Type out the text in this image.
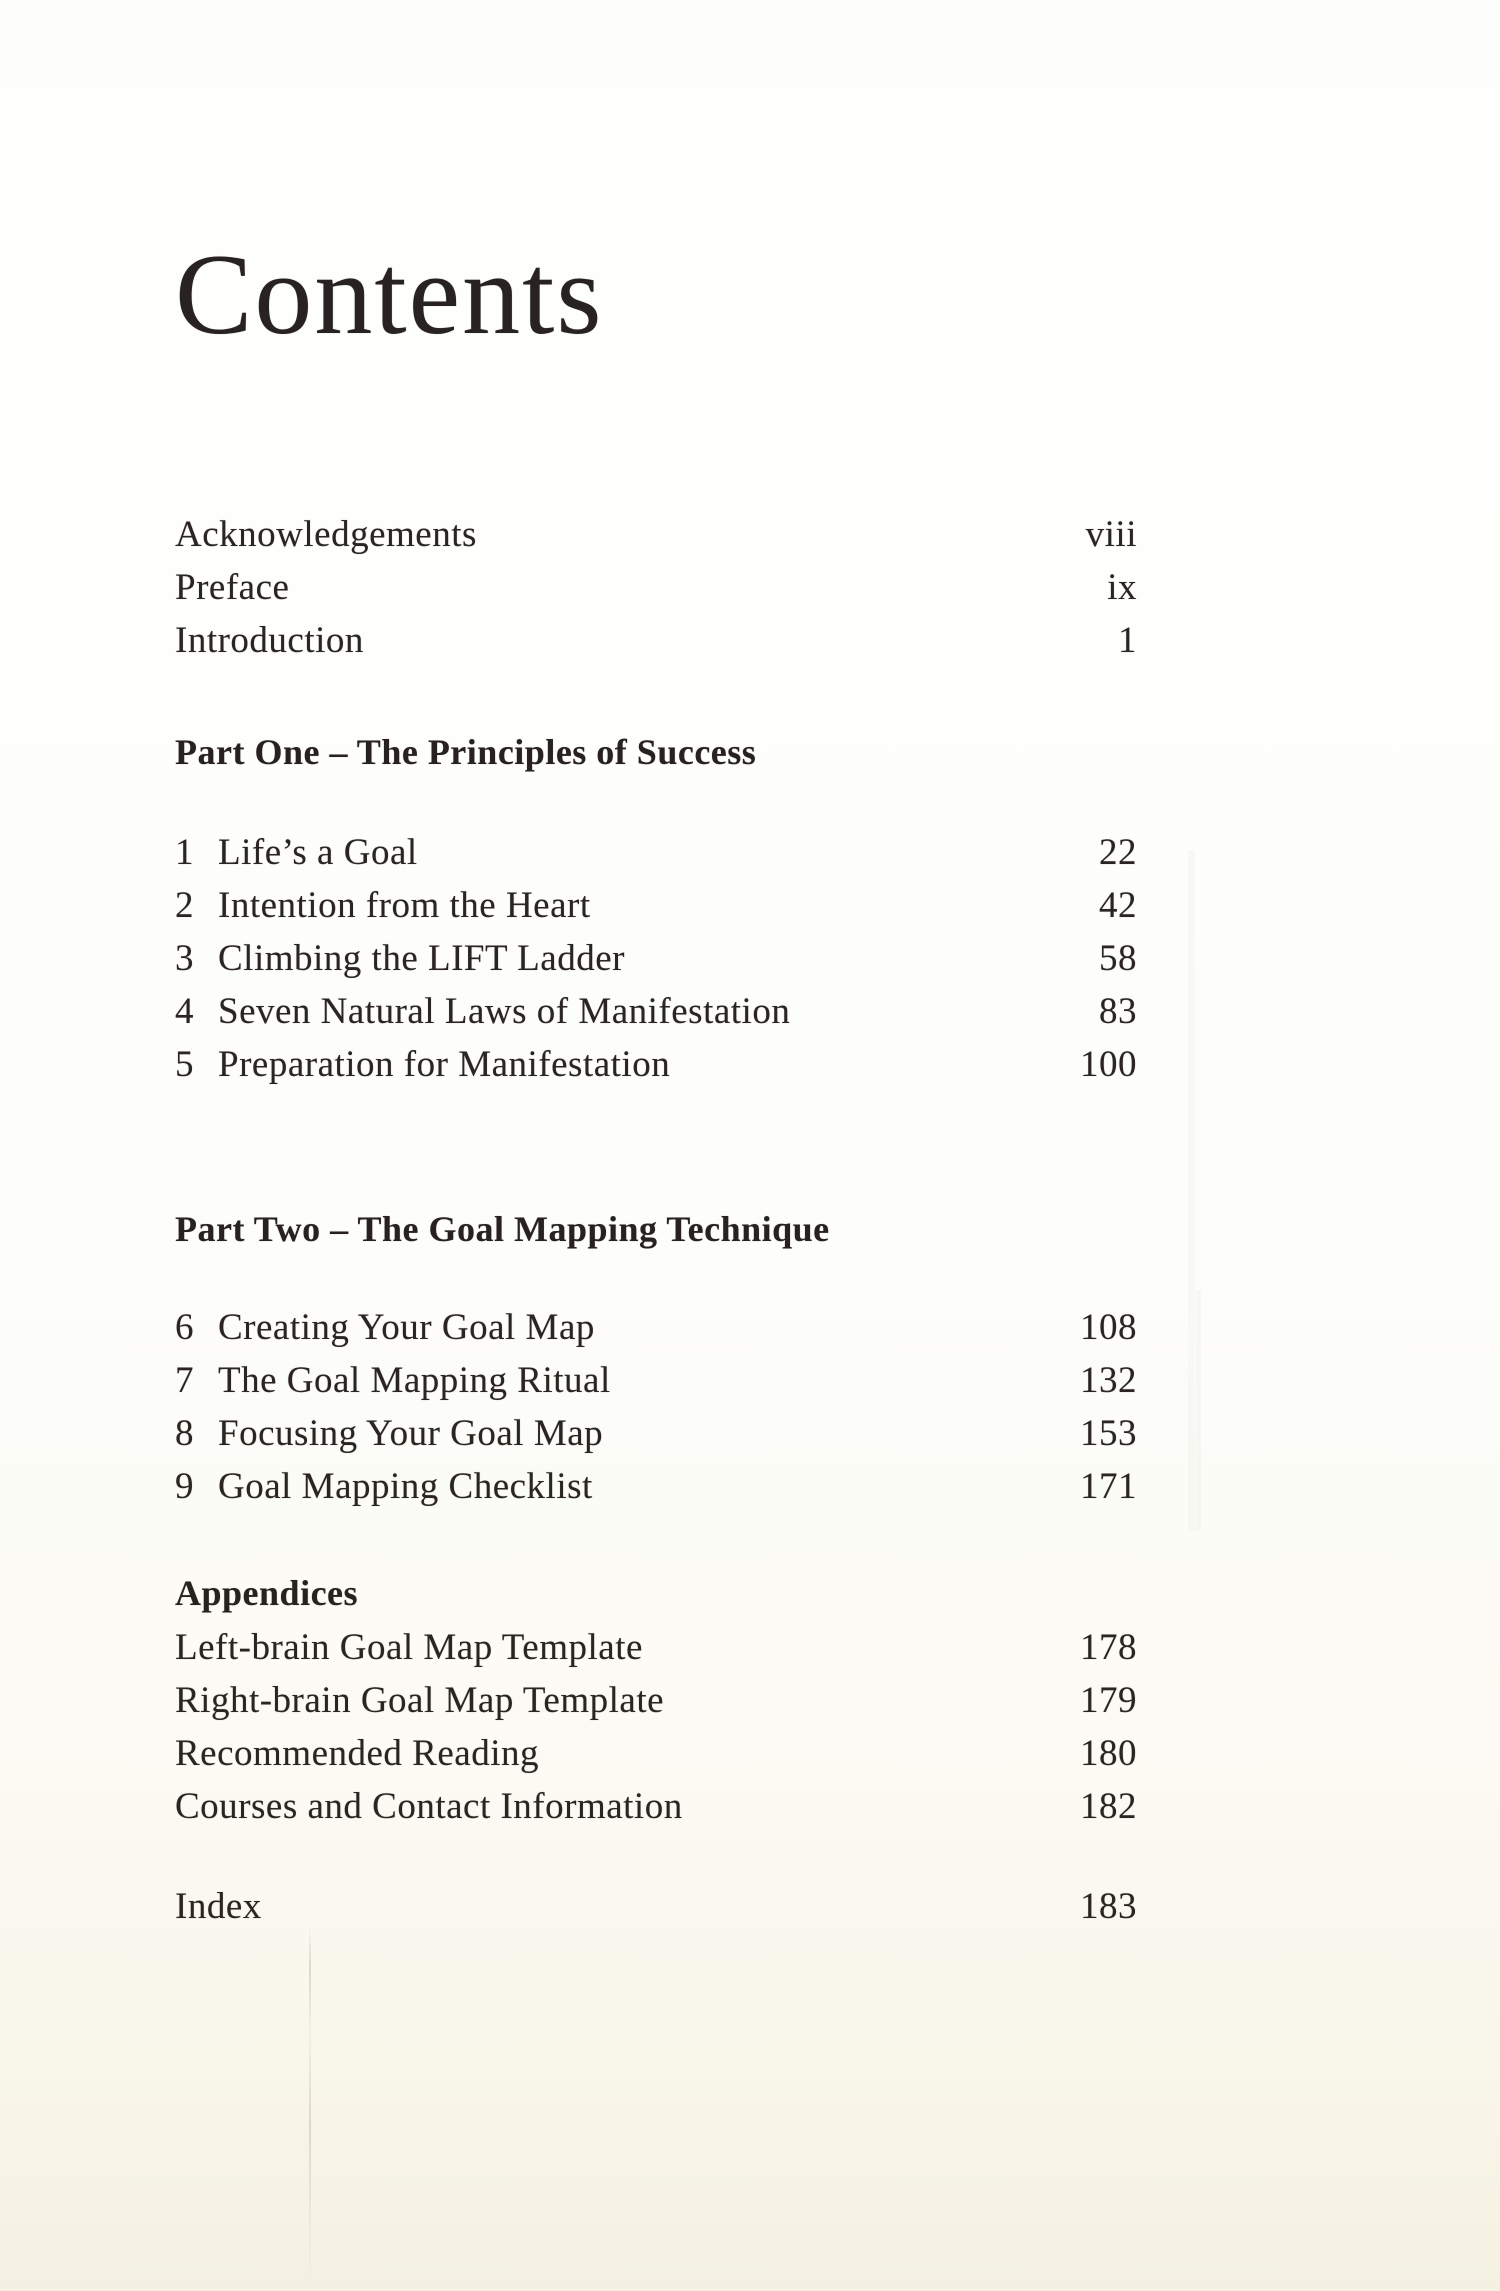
Contents
Acknowledgements	viii
Preface	ix
Introduction	1
Part One – The Principles of Success
1 Life’s a Goal	22
2 Intention from the Heart	42
3 Climbing the LIFT Ladder	58
4 Seven Natural Laws of Manifestation	83
5 Preparation for Manifestation	100
Part Two – The Goal Mapping Technique
6 Creating Your Goal Map	108
7 The Goal Mapping Ritual	132
8 Focusing Your Goal Map	153
9 Goal Mapping Checklist	171
Appendices
Left-brain Goal Map Template	178
Right-brain Goal Map Template	179
Recommended Reading	180
Courses and Contact Information	182
Index	183
